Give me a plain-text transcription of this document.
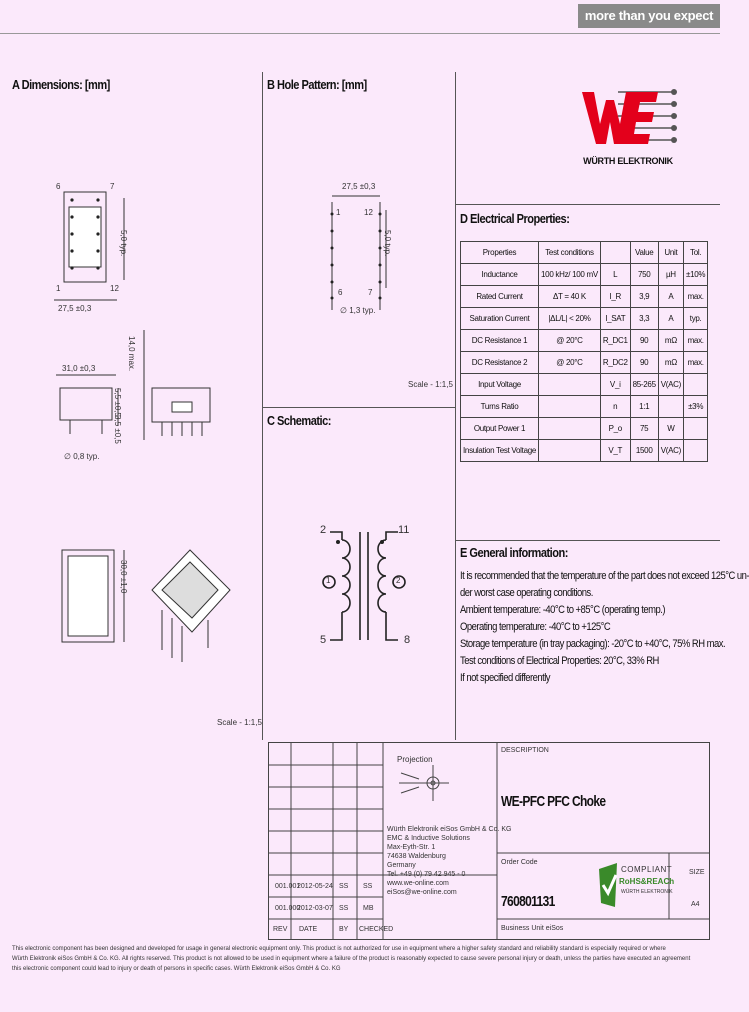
more than you expect
A Dimensions: [mm]	B Hole Pattern: [mm]
C Schematic:
D Electrical Properties:
E General information:
WÜRTH ELEKTRONIK
6	7
1	12
27,5 ±0,3
5,0 typ.
31,0 ±0,3	14,0 max.
5,5 ±0,5
3,5 ±0,5
∅ 0,8 typ.
30,0 ±1,0
Scale - 1:1,5
27,5 ±0,3
1	12
6	7
5,0 typ.
∅ 1,3 typ.
Scale - 1:1,5
2	11
5	8
1	2
Properties	Test conditions		Value	Unit	Tol.
Inductance	100 kHz/ 100 mV	L	750	µH	±10%
Rated Current	ΔT = 40 K	I_R	3,9	A	max.
Saturation Current	|ΔL/L| < 20%	I_SAT	3,3	A	typ.
DC Resistance 1	@ 20°C	R_DC1	90	mΩ	max.
DC Resistance 2	@ 20°C	R_DC2	90	mΩ	max.
Input Voltage		V_i	85-265	V(AC)	
Turns Ratio		n	1:1		±3%
Output Power 1		P_o	75	W	
Insulation Test Voltage		V_T	1500	V(AC)	
It is recommended that the temperature of the part does not exceed 125°C un-
der worst case operating conditions.
Ambient temperature: -40°C to +85°C (operating temp.)
Operating temperature: -40°C to +125°C
Storage temperature (in tray packaging): -20°C to +40°C, 75% RH max.
Test conditions of Electrical Properties: 20°C, 33% RH
If not specified differently
Projection
Würth Elektronik eiSos GmbH & Co. KG
EMC & Inductive Solutions
Max-Eyth-Str. 1
74638 Waldenburg
Germany
Tel. +49 (0) 79 42 945 - 0
www.we-online.com
eiSos@we-online.com
001.001
2012-05-24 SS SS
001.000
2012-03-07 SS MB
REV DATE	BY CHECKED
DESCRIPTION
WE-PFC PFC Choke
Order Code
760801131
SIZE
A4
Business Unit eiSos
COMPLIANT
RoHS&REACh
WÜRTH ELEKTRONIK
This electronic component has been designed and developed for usage in general electronic equipment only. This product is not authorized for use in equipment where a higher safety standard and reliability standard is especially required or where
Würth Elektronik eiSos GmbH & Co. KG. All rights reserved. This product is not allowed to be used in equipment where a failure of the product is reasonably expected to cause severe personal injury or death, unless the parties have executed an agreement
this electronic component could lead to injury or death of persons in specific cases. Würth Elektronik eiSos GmbH & Co. KG
